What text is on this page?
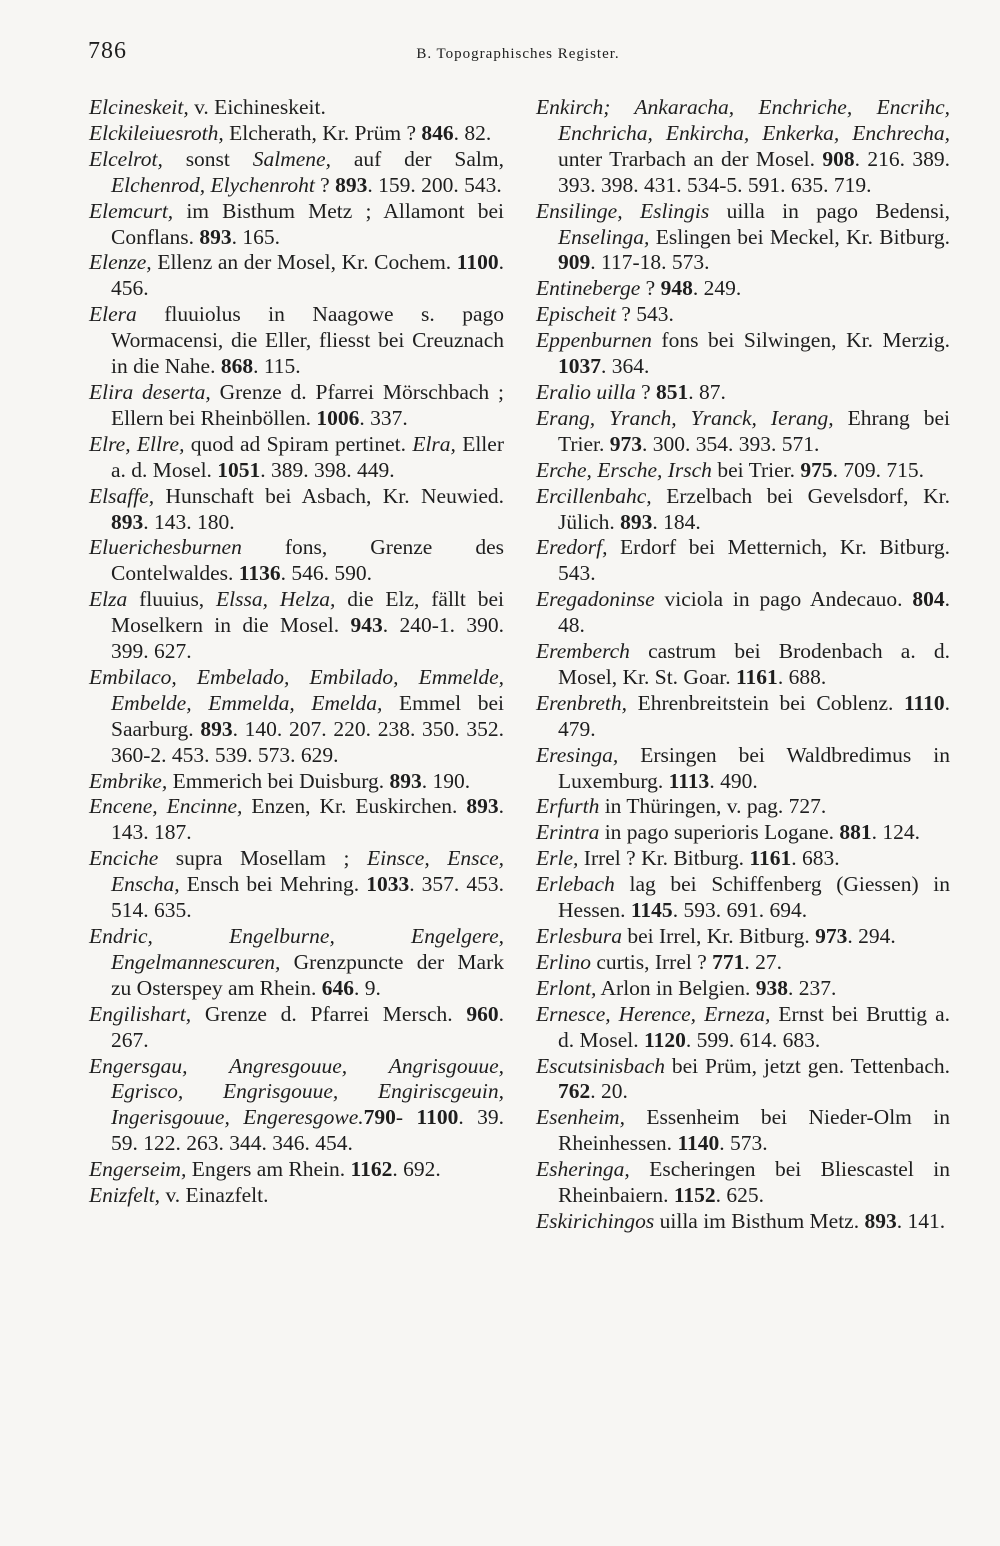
786	B. Topographisches Register.
Elcineskeit, v. Eichineskeit.
Elckileiuesroth, Elcherath, Kr. Prüm ? 846. 82.
Elcelrot, sonst Salmene, auf der Salm, Elchenrod, Elychenroht ? 893. 159. 200. 543.
Elemcurt, im Bisthum Metz ; Allamont bei Conflans. 893. 165.
Elenze, Ellenz an der Mosel, Kr. Cochem. 1100. 456.
Elera fluuiolus in Naagowe s. pago Wormacensi, die Eller, fliesst bei Creuznach in die Nahe. 868. 115.
Elira deserta, Grenze d. Pfarrei Mörschbach ; Ellern bei Rheinböllen. 1006. 337.
Elre, Ellre, quod ad Spiram pertinet. Elra, Eller a. d. Mosel. 1051. 389. 398. 449.
Elsaffe, Hunschaft bei Asbach, Kr. Neuwied. 893. 143. 180.
Eluerichesburnen fons, Grenze des Contelwaldes. 1136. 546. 590.
Elza fluuius, Elssa, Helza, die Elz, fällt bei Moselkern in die Mosel. 943. 240-1. 390. 399. 627.
Embilaco, Embelado, Embilado, Emmelde, Embelde, Emmelda, Emelda, Emmel bei Saarburg. 893. 140. 207. 220. 238. 350. 352. 360-2. 453. 539. 573. 629.
Embrike, Emmerich bei Duisburg. 893. 190.
Encene, Encinne, Enzen, Kr. Euskirchen. 893. 143. 187.
Enciche supra Mosellam ; Einsce, Ensce, Enscha, Ensch bei Mehring. 1033. 357. 453. 514. 635.
Endric, Engelburne, Engelgere, Engelmannescuren, Grenzpuncte der Mark zu Osterspey am Rhein. 646. 9.
Engilishart, Grenze d. Pfarrei Mersch. 960. 267.
Engersgau, Angresgouue, Angrisgouue, Egrisco, Engrisgouue, Engiriscgeuin, Ingerisgouue, Engeresgowe.790- 1100. 39. 59. 122. 263. 344. 346. 454.
Engerseim, Engers am Rhein. 1162. 692.
Enizfelt, v. Einazfelt.
Enkirch; Ankaracha, Enchriche, Encrihc, Enchricha, Enkircha, Enkerka, Enchrecha, unter Trarbach an der Mosel. 908. 216. 389. 393. 398. 431. 534-5. 591. 635. 719.
Ensilinge, Eslingis uilla in pago Bedensi, Enselinga, Eslingen bei Meckel, Kr. Bitburg. 909. 117-18. 573.
Entineberge ? 948. 249.
Epischeit ? 543.
Eppenburnen fons bei Silwingen, Kr. Merzig. 1037. 364.
Eralio uilla ? 851. 87.
Erang, Yranch, Yranck, Ierang, Ehrang bei Trier. 973. 300. 354. 393. 571.
Erche, Ersche, Irsch bei Trier. 975. 709. 715.
Ercillenbahc, Erzelbach bei Gevelsdorf, Kr. Jülich. 893. 184.
Eredorf, Erdorf bei Metternich, Kr. Bitburg. 543.
Eregadoninse viciola in pago Andecauo. 804. 48.
Eremberch castrum bei Brodenbach a. d. Mosel, Kr. St. Goar. 1161. 688.
Erenbreth, Ehrenbreitstein bei Coblenz. 1110. 479.
Eresinga, Ersingen bei Waldbredimus in Luxemburg. 1113. 490.
Erfurth in Thüringen, v. pag. 727.
Erintra in pago superioris Logane. 881. 124.
Erle, Irrel ? Kr. Bitburg. 1161. 683.
Erlebach lag bei Schiffenberg (Giessen) in Hessen. 1145. 593. 691. 694.
Erlesbura bei Irrel, Kr. Bitburg. 973. 294.
Erlino curtis, Irrel ? 771. 27.
Erlont, Arlon in Belgien. 938. 237.
Ernesce, Herence, Erneza, Ernst bei Bruttig a. d. Mosel. 1120. 599. 614. 683.
Escutsinisbach bei Prüm, jetzt gen. Tettenbach. 762. 20.
Esenheim, Essenheim bei Nieder-Olm in Rheinhessen. 1140. 573.
Esheringa, Escheringen bei Bliescastel in Rheinbaiern. 1152. 625.
Eskirichingos uilla im Bisthum Metz. 893. 141.
